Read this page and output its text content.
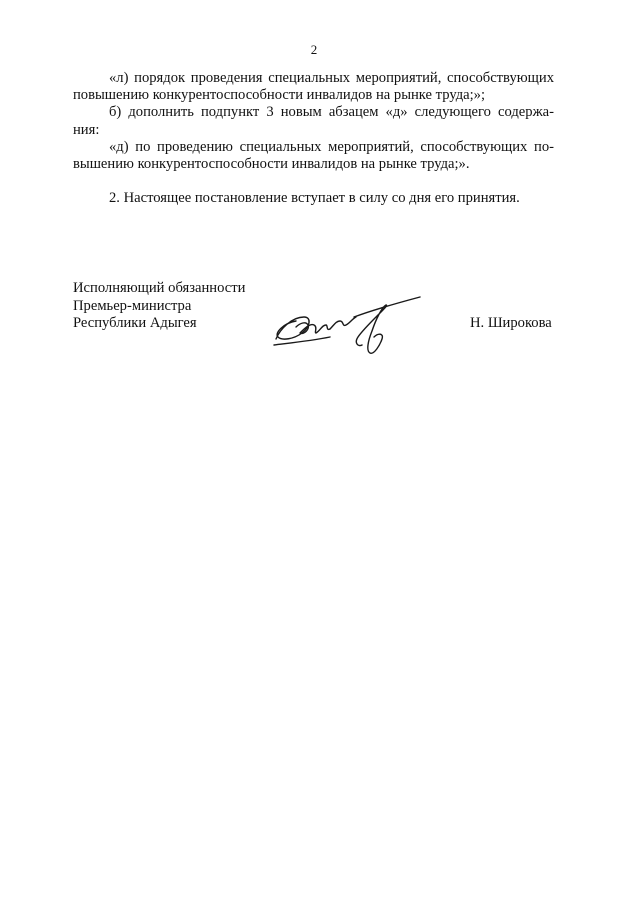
2

«л) порядок проведения специальных мероприятий, способствующих
повышению конкурентоспособности инвалидов на рынке труда;»;

б) дополнить подпункт 3 новым абзацем «д» следующего содержа-
ния:

«д) по проведению специальных мероприятий, способствующих по-
вышению конкурентоспособности инвалидов на рынке труда;».

2. Настоящее постановление вступает в силу со дня его принятия.

Исполняющий обязанности
Премьер-министра
Республики Адыгея	Н. Широкова
